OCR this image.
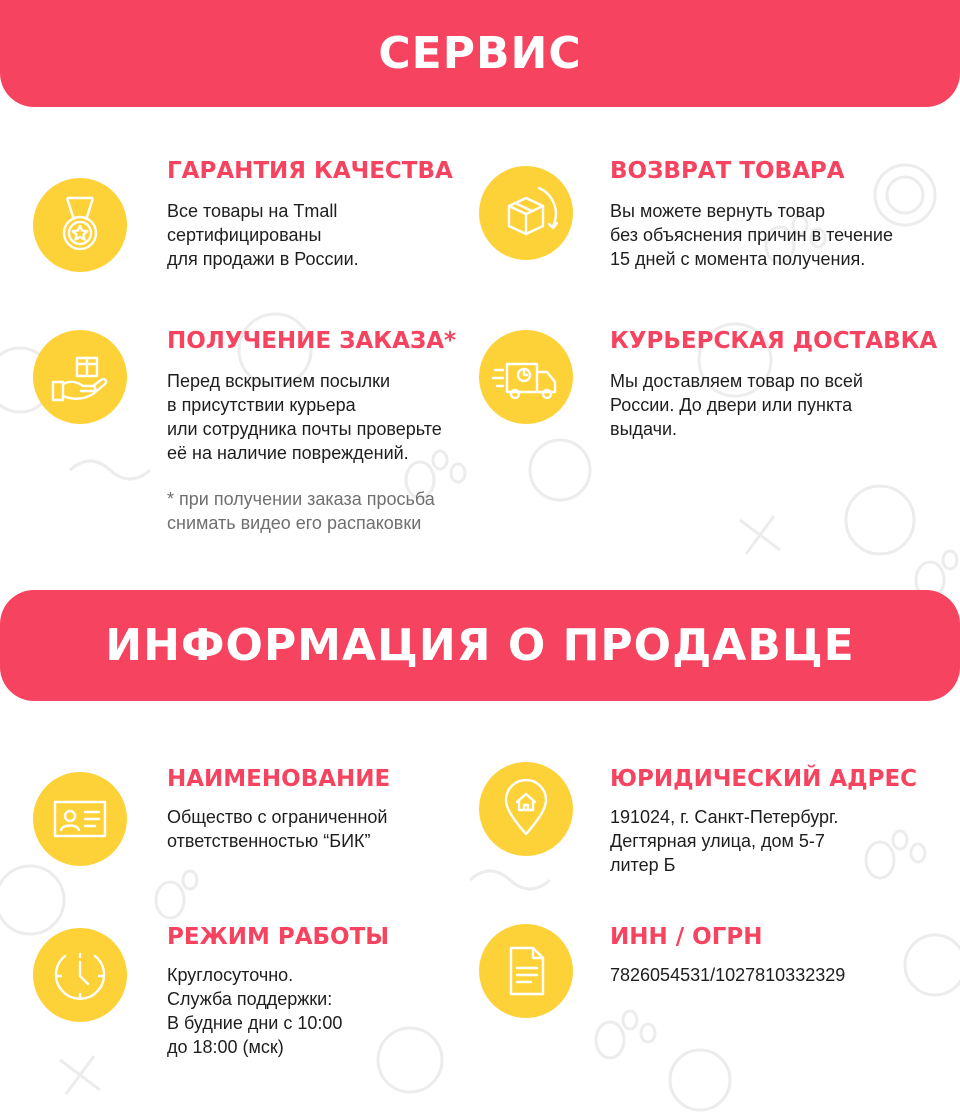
СЕРВИС
ГАРАНТИЯ КАЧЕСТВА
Все товары на Tmall
сертифицированы
для продажи в России.
ВОЗВРАТ ТОВАРА
Вы можете вернуть товар
без объяснения причин в течение
15 дней с момента получения.
ПОЛУЧЕНИЕ ЗАКАЗА*
Перед вскрытием посылки
в присутствии курьера
или сотрудника почты проверьте
её на наличие повреждений.
* при получении заказа просьба
снимать видео его распаковки
КУРЬЕРСКАЯ ДОСТАВКА
Мы доставляем товар по всей
России. До двери или пункта
выдачи.
ИНФОРМАЦИЯ О ПРОДАВЦЕ
НАИМЕНОВАНИЕ
Общество с ограниченной
ответственностью “БИК”
ЮРИДИЧЕСКИЙ АДРЕС
191024, г. Санкт-Петербург.
Дегтярная улица, дом 5-7
литер Б
РЕЖИМ РАБОТЫ
Круглосуточно.
Служба поддержки:
В будние дни с 10:00
до 18:00 (мск)
ИНН / ОГРН
7826054531/1027810332329
